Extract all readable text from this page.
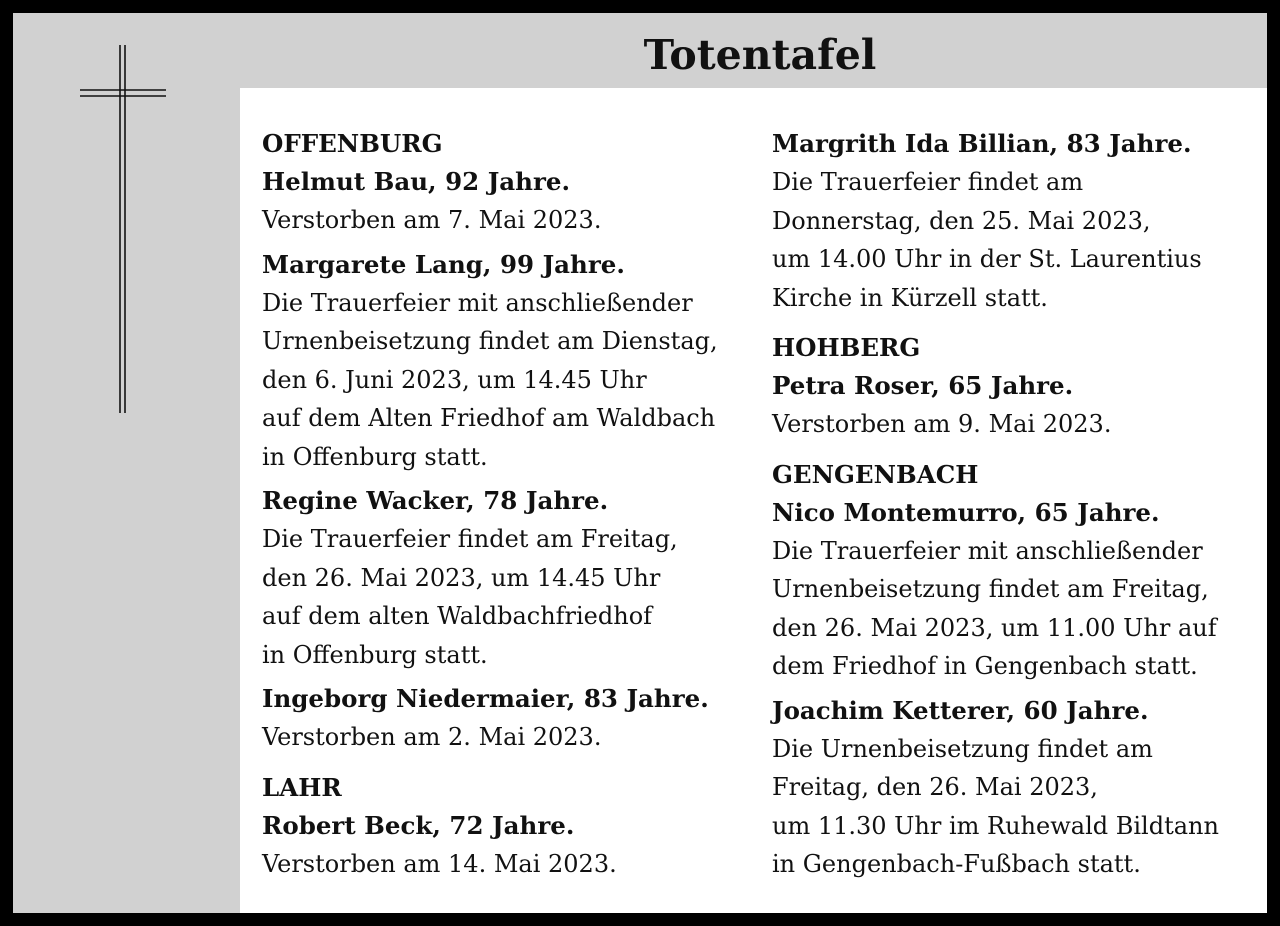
Totentafel
OFFENBURG
Helmut Bau, 92 Jahre.
Verstorben am 7. Mai 2023.
Margarete Lang, 99 Jahre.
Die Trauerfeier mit anschließender
Urnenbeisetzung findet am Dienstag,
den 6. Juni 2023, um 14.45 Uhr
auf dem Alten Friedhof am Waldbach
in Offenburg statt.
Regine Wacker, 78 Jahre.
Die Trauerfeier findet am Freitag,
den 26. Mai 2023, um 14.45 Uhr
auf dem alten Waldbachfriedhof
in Offenburg statt.
Ingeborg Niedermaier, 83 Jahre.
Verstorben am 2. Mai 2023.
LAHR
Robert Beck, 72 Jahre.
Verstorben am 14. Mai 2023.
Margrith Ida Billian, 83 Jahre.
Die Trauerfeier findet am
Donnerstag, den 25. Mai 2023,
um 14.00 Uhr in der St. Laurentius
Kirche in Kürzell statt.
HOHBERG
Petra Roser, 65 Jahre.
Verstorben am 9. Mai 2023.
GENGENBACH
Nico Montemurro, 65 Jahre.
Die Trauerfeier mit anschließender
Urnenbeisetzung findet am Freitag,
den 26. Mai 2023, um 11.00 Uhr auf
dem Friedhof in Gengenbach statt.
Joachim Ketterer, 60 Jahre.
Die Urnenbeisetzung findet am
Freitag, den 26. Mai 2023,
um 11.30 Uhr im Ruhewald Bildtann
in Gengenbach-Fußbach statt.
